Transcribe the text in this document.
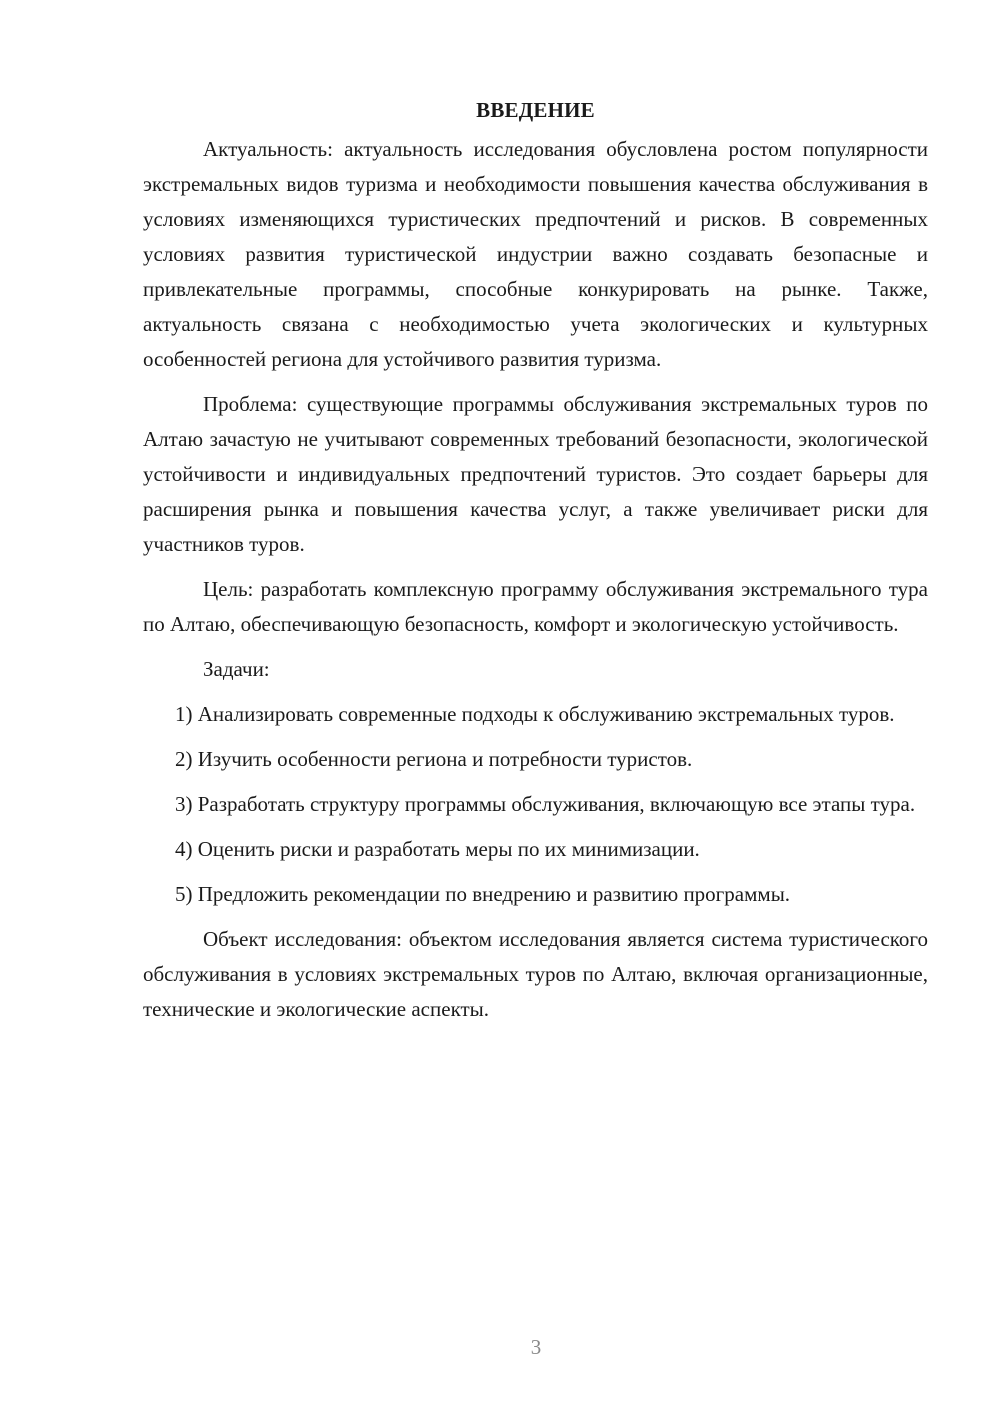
ВВЕДЕНИЕ

Актуальность: актуальность исследования обусловлена ростом популярности экстремальных видов туризма и необходимости повышения качества обслуживания в условиях изменяющихся туристических предпочтений и рисков. В современных условиях развития туристической индустрии важно создавать безопасные и привлекательные программы, способные конкурировать на рынке. Также, актуальность связана с необходимостью учета экологических и культурных особенностей региона для устойчивого развития туризма.

Проблема: существующие программы обслуживания экстремальных туров по Алтаю зачастую не учитывают современных требований безопасности, экологической устойчивости и индивидуальных предпочтений туристов. Это создает барьеры для расширения рынка и повышения качества услуг, а также увеличивает риски для участников туров.

Цель: разработать комплексную программу обслуживания экстремального тура по Алтаю, обеспечивающую безопасность, комфорт и экологическую устойчивость.

Задачи:

1) Анализировать современные подходы к обслуживанию экстремальных туров.

2) Изучить особенности региона и потребности туристов.

3) Разработать структуру программы обслуживания, включающую все этапы тура.

4) Оценить риски и разработать меры по их минимизации.

5) Предложить рекомендации по внедрению и развитию программы.

Объект исследования: объектом исследования является система туристического обслуживания в условиях экстремальных туров по Алтаю, включая организационные, технические и экологические аспекты.

3
